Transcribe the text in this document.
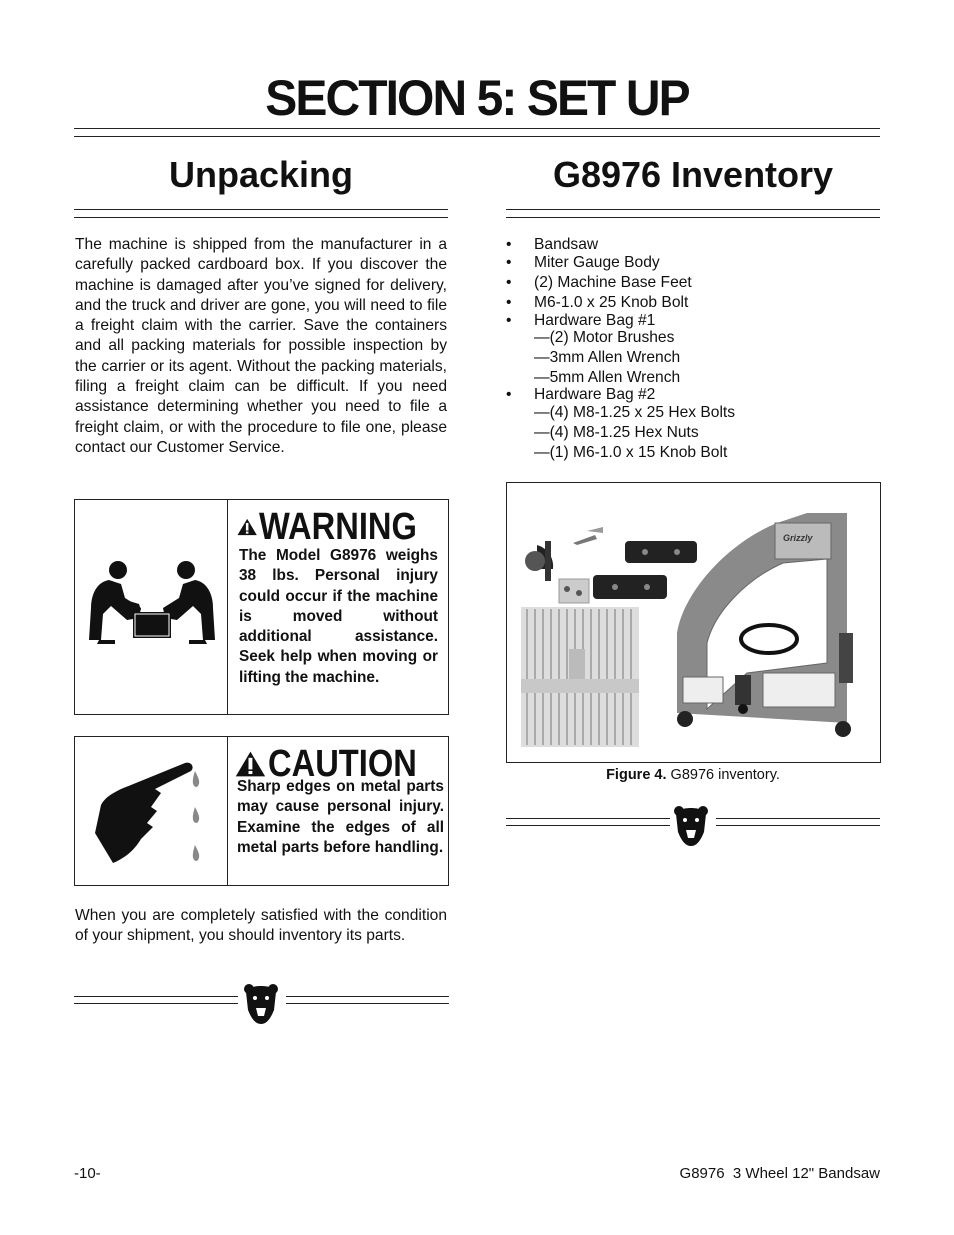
SECTION 5: SET UP
Unpacking	G8976 Inventory

The machine is shipped from the manufacturer in a carefully packed cardboard box. If you discover the machine is damaged after you’ve signed for delivery, and the truck and driver are gone, you will need to file a freight claim with the carrier. Save the containers and all packing materials for possible inspection by the carrier or its agent. Without the packing materials, filing a freight claim can be difficult. If you need assistance determining whether you need to file a freight claim, or with the procedure to file one, please contact our Customer Service.

WARNING

The Model G8976 weighs 38 lbs. Personal injury could occur if the machine is moved without additional assistance. Seek help when moving or lifting the machine.

CAUTION

Sharp edges on metal parts may cause personal injury. Examine the edges of all metal parts before handling.

When you are completely satisfied with the condition of your shipment, you should inventory its parts.

• Bandsaw
• Miter Gauge Body
• (2) Machine Base Feet
• M6-1.0 x 25 Knob Bolt
• Hardware Bag #1
—(2) Motor Brushes
—3mm Allen Wrench
—5mm Allen Wrench
• Hardware Bag #2
—(4) M8-1.25 x 25 Hex Bolts
—(4) M8-1.25 Hex Nuts
—(1) M6-1.0 x 15 Knob Bolt
Grizzly
Figure 4. G8976 inventory.
-10-	G8976  3 Wheel 12" Bandsaw
